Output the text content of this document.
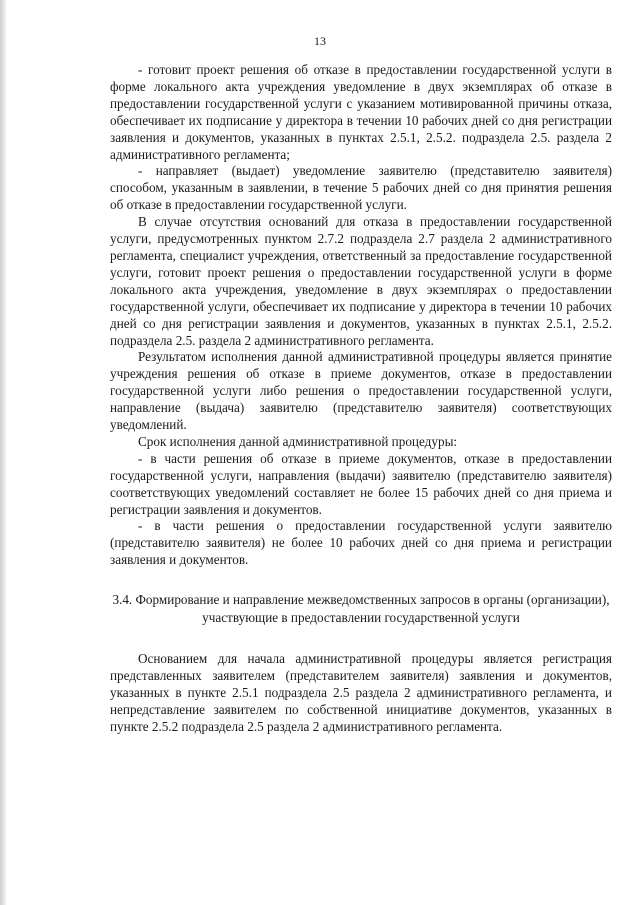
13

- готовит проект решения об отказе в предоставлении государственной услуги в форме локального акта учреждения уведомление в двух экземплярах об отказе в предоставлении государственной услуги с указанием мотивированной причины отказа, обеспечивает их подписание у директора в течении 10 рабочих дней со дня регистрации заявления и документов, указанных в пунктах 2.5.1, 2.5.2. подраздела 2.5. раздела 2 административного регламента;

- направляет (выдает) уведомление заявителю (представителю заявителя) способом, указанным в заявлении, в течение 5 рабочих дней со дня принятия решения об отказе в предоставлении государственной услуги.

В случае отсутствия оснований для отказа в предоставлении государственной услуги, предусмотренных пунктом 2.7.2 подраздела 2.7 раздела 2 административного регламента, специалист учреждения, ответственный за предоставление государственной услуги, готовит проект решения о предоставлении государственной услуги в форме локального акта учреждения, уведомление в двух экземплярах о предоставлении государственной услуги, обеспечивает их подписание у директора в течении 10 рабочих дней со дня регистрации заявления и документов, указанных в пунктах 2.5.1, 2.5.2. подраздела 2.5. раздела 2 административного регламента.

Результатом исполнения данной административной процедуры является принятие учреждения решения об отказе в приеме документов, отказе в предоставлении государственной услуги либо решения о предоставлении государственной услуги, направление (выдача) заявителю (представителю заявителя) соответствующих уведомлений.

Срок исполнения данной административной процедуры:

- в части решения об отказе в приеме документов, отказе в предоставлении государственной услуги, направления (выдачи) заявителю (представителю заявителя) соответствующих уведомлений составляет не более 15 рабочих дней со дня приема и регистрации заявления и документов.

- в части решения о предоставлении государственной услуги заявителю (представителю заявителя) не более 10 рабочих дней со дня приема и регистрации заявления и документов.

3.4. Формирование и направление межведомственных запросов в органы (организации), участвующие в предоставлении государственной услуги

Основанием для начала административной процедуры является регистрация представленных заявителем (представителем заявителя) заявления и документов, указанных в пункте 2.5.1 подраздела 2.5 раздела 2 административного регламента, и непредставление заявителем по собственной инициативе документов, указанных в пункте 2.5.2 подраздела 2.5 раздела 2 административного регламента.
